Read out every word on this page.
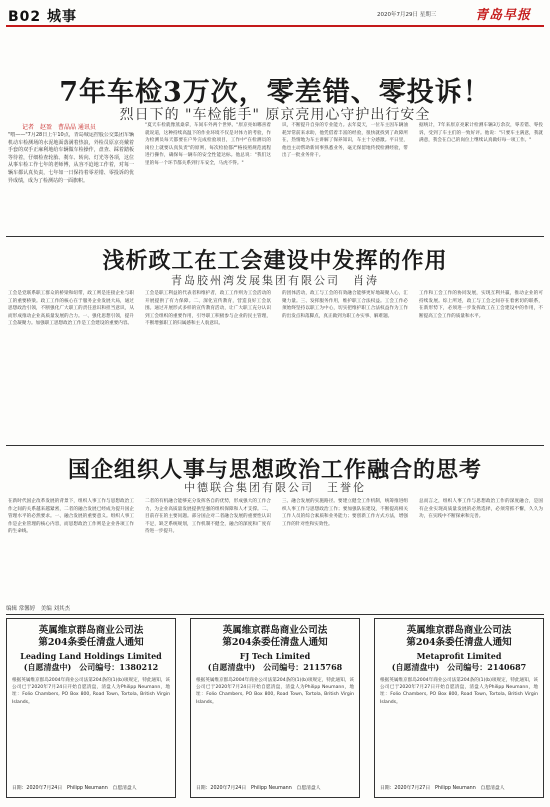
B02 城事	2020年7月29日 星期三	青岛早报
7年车检3万次，零差错、零投诉！
烈日下的 "车检能手" 原京亮用心守护出行安全
记者　赵盈　曹晶晶 通讯员
"喂——"7月28日上午10点，青岛城运控股公交集团车辆机动车检测场的水泥地面落满着热浪，外检员原京亮戴着手套的双手正麻利地给车辆做车检操作，盘查、踩着踏板等待着，仔细检查轮胎、刹车、转向、灯光等各项，这位从事车检工作七年的老师傅，从容不迫地工作着，对每一辆车都认真负责，七年如一日保持着零差错、零投诉的优异成绩，成为了检测站的一面旗帜。
"夏天车检就像蒸桑拿，车间车外两个世界。"原京亮如哪喜着就说道，这种持续高温下的作业环境不仅是对体力的考验，作为检测员每天都要在户外完成检验项目，工作中"在检测员的岗位上就要认真负责"的原则，每次检验都严格按照规范流程进行操作，确保每一辆车的安全性能达标。他总说："我们这里的每一个环节都关系到行车安全，马虎不得。"
识，不断提升自身的专业能力。去年夏天，一位车主因车辆油耗异常前来求助，他凭借着丰富的经验，很快就找到了故障所在，热情地为车主讲解了保养知识，车主十分感激。平日里，他也主动帮助新同事熟悉业务，毫无保留地传授检测经验，带出了一批业务骨干。
据统计，7年来原京亮累计检测车辆3万余次，零差错、零投诉，受到了车主们的一致好评。他说："只要车主满意，我就满意，我会在自己的岗位上继续认真做好每一项工作。"
浅析政工在工会建设中发挥的作用
青岛胶州湾发展集团有限公司　肖涛
工会是党联系职工群众的桥梁和纽带，政工则是连接企业与职工的重要桥梁。政工工作的核心在于服务企业发展大局，通过思想政治引领，不断强化广大职工的责任意识和担当意识，从而形成推动企业高质量发展的合力。一、强化思想引领，提升工会凝聚力。加强职工思想政治工作是工会建设的重要内容。
工会是职工利益的代表者和维护者，政工工作则为工会活动的开展提供了有力保障。二、深化宣传教育，营造良好工会氛围。通过开展形式多样的宣传教育活动，让广大职工充分认识到工会组织的重要作用，引导职工积极参与企业的民主管理，不断增强职工的归属感和主人翁意识。
的团体活动，政工与工会的有效融合能够更好地凝聚人心，汇聚力量。三、发挥服务作用，维护职工合法权益。工会工作必须始终坚持以职工为中心，切实把维护职工合法权益作为工作的出发点和落脚点，真正做到为职工办实事、解难题。
工作和工会工作的协同发展，实现互利共赢，推动企业的可持续发展。综上所述，政工与工会之间存在着密切的联系，在新形势下，必须进一步发挥政工在工会建设中的作用，不断提高工会工作的质量和水平。
国企组织人事与思想政治工作融合的思考
中德联合集团有限公司　王誉伦
在新时代国企改革发展的背景下，组织人事工作与思想政治工作之间的关系越来越紧密，二者的融合发展已经成为提升国企管理水平的必然要求。一、融合发展的重要意义。组织人事工作是企业管理的核心内容，而思想政治工作则是企业各项工作的生命线。
二者的有机融合能够充分发挥各自的优势，形成强大的工作合力，为企业高质量发展提供坚强的组织保障和人才支撑。二、目前存在的主要问题。部分国企对二者融合发展的重要性认识不足，缺乏系统规划，工作机制不健全，融合的深度和广度有待进一步提升。
三、融合发展的实施路径。要建立健全工作机制，统筹推进组织人事工作与思想政治工作；要加强队伍建设，不断提高相关工作人员的综合素质和业务能力；要创新工作方式方法，增强工作的针对性和实效性。
总而言之，组织人事工作与思想政治工作的深度融合，是国有企业实现高质量发展的必然选择，必须常抓不懈，久久为功，在实践中不断探索和完善。
编辑 常馨婷　美编 刘其杰
英属维京群岛商业公司法
第204条委任清盘人通知
Leading Land Holdings Limited
(自愿清盘中)　公司编号：1380212
根据英属维京群岛2004年商业公司法第204条的(1)(b)项规定，特此通知，该公司已于2020年7月24日开始自愿清盘，清盘人为Philipp Neumann，地址：Folio Chambers, PO Box 800, Road Town, Tortola, British Virgin Islands。
日期：2020年7月24日　Philipp Neumann　自愿清盘人
英属维京群岛商业公司法
第204条委任清盘人通知
FJ Tech Limited
(自愿清盘中)　公司编号：2115768
根据英属维京群岛2004年商业公司法第204条的(1)(b)项规定，特此通知，该公司已于2020年7月24日开始自愿清盘，清盘人为Philipp Neumann，地址：Folio Chambers, PO Box 800, Road Town, Tortola, British Virgin Islands。
日期：2020年7月24日　Philipp Neumann　自愿清盘人
英属维京群岛商业公司法
第204条委任清盘人通知
Metaprofit Limited
(自愿清盘中)　公司编号：2140687
根据英属维京群岛2004年商业公司法第204条的(1)(b)项规定，特此通知，该公司已于2020年7月27日开始自愿清盘，清盘人为Philipp Neumann，地址：Folio Chambers, PO Box 800, Road Town, Tortola, British Virgin Islands。
日期：2020年7月27日　Philipp Neumann　自愿清盘人
